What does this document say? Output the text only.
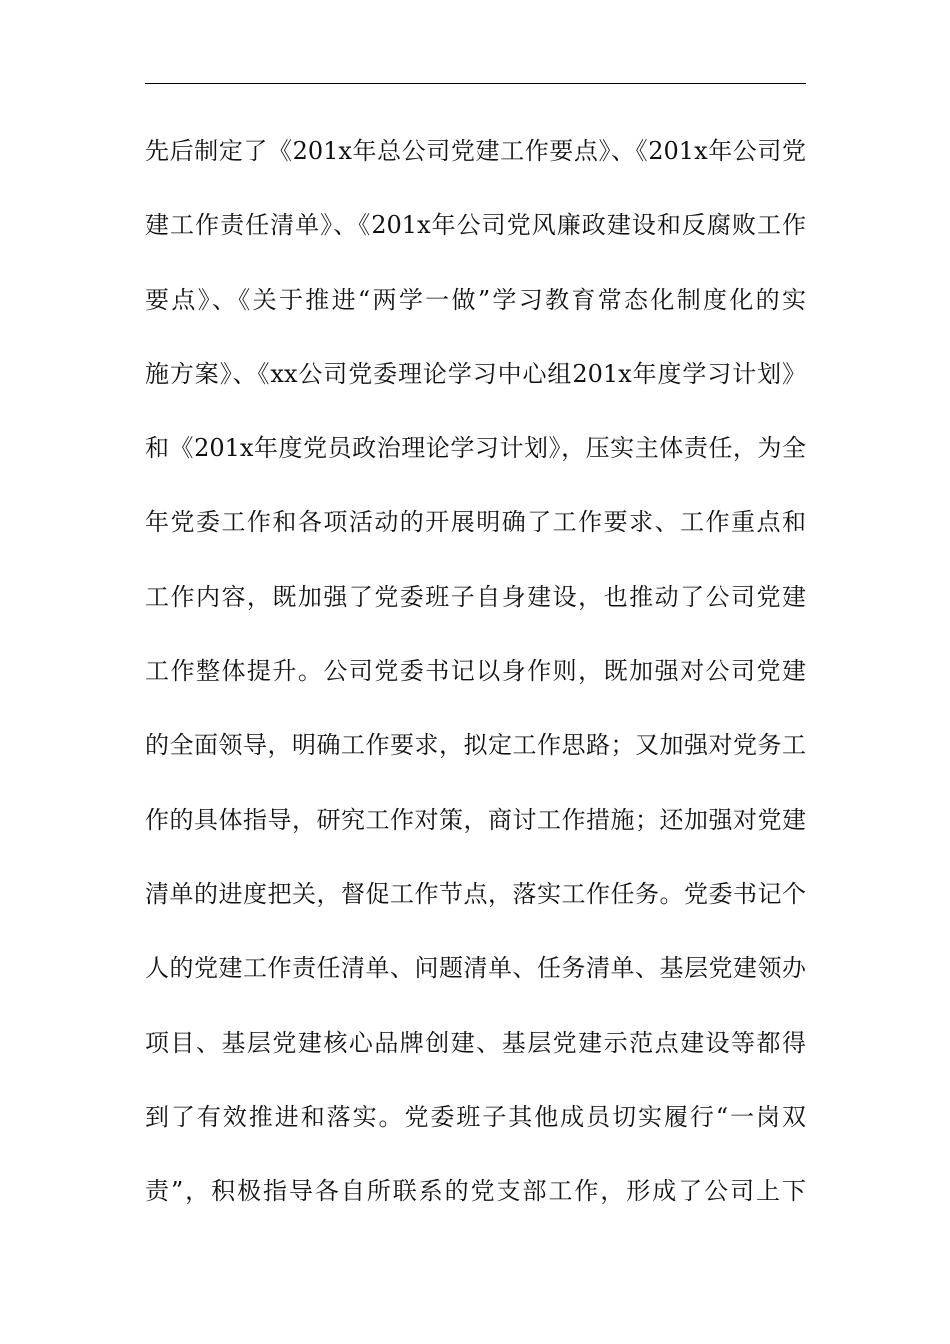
先后制定了《201x年总公司党建工作要点》、《201x年公司党
建工作责任清单》、《201x年公司党风廉政建设和反腐败工作
要点》、《关于推进“两学一做”学习教育常态化制度化的实
施方案》、《xx公司党委理论学习中心组201x年度学习计划》
和《201x年度党员政治理论学习计划》，压实主体责任，为全
年党委工作和各项活动的开展明确了工作要求、工作重点和
工作内容，既加强了党委班子自身建设，也推动了公司党建
工作整体提升。公司党委书记以身作则，既加强对公司党建
的全面领导，明确工作要求，拟定工作思路；又加强对党务工
作的具体指导，研究工作对策，商讨工作措施；还加强对党建
清单的进度把关，督促工作节点，落实工作任务。党委书记个
人的党建工作责任清单、问题清单、任务清单、基层党建领办
项目、基层党建核心品牌创建、基层党建示范点建设等都得
到了有效推进和落实。党委班子其他成员切实履行“一岗双
责”，积极指导各自所联系的党支部工作，形成了公司上下
